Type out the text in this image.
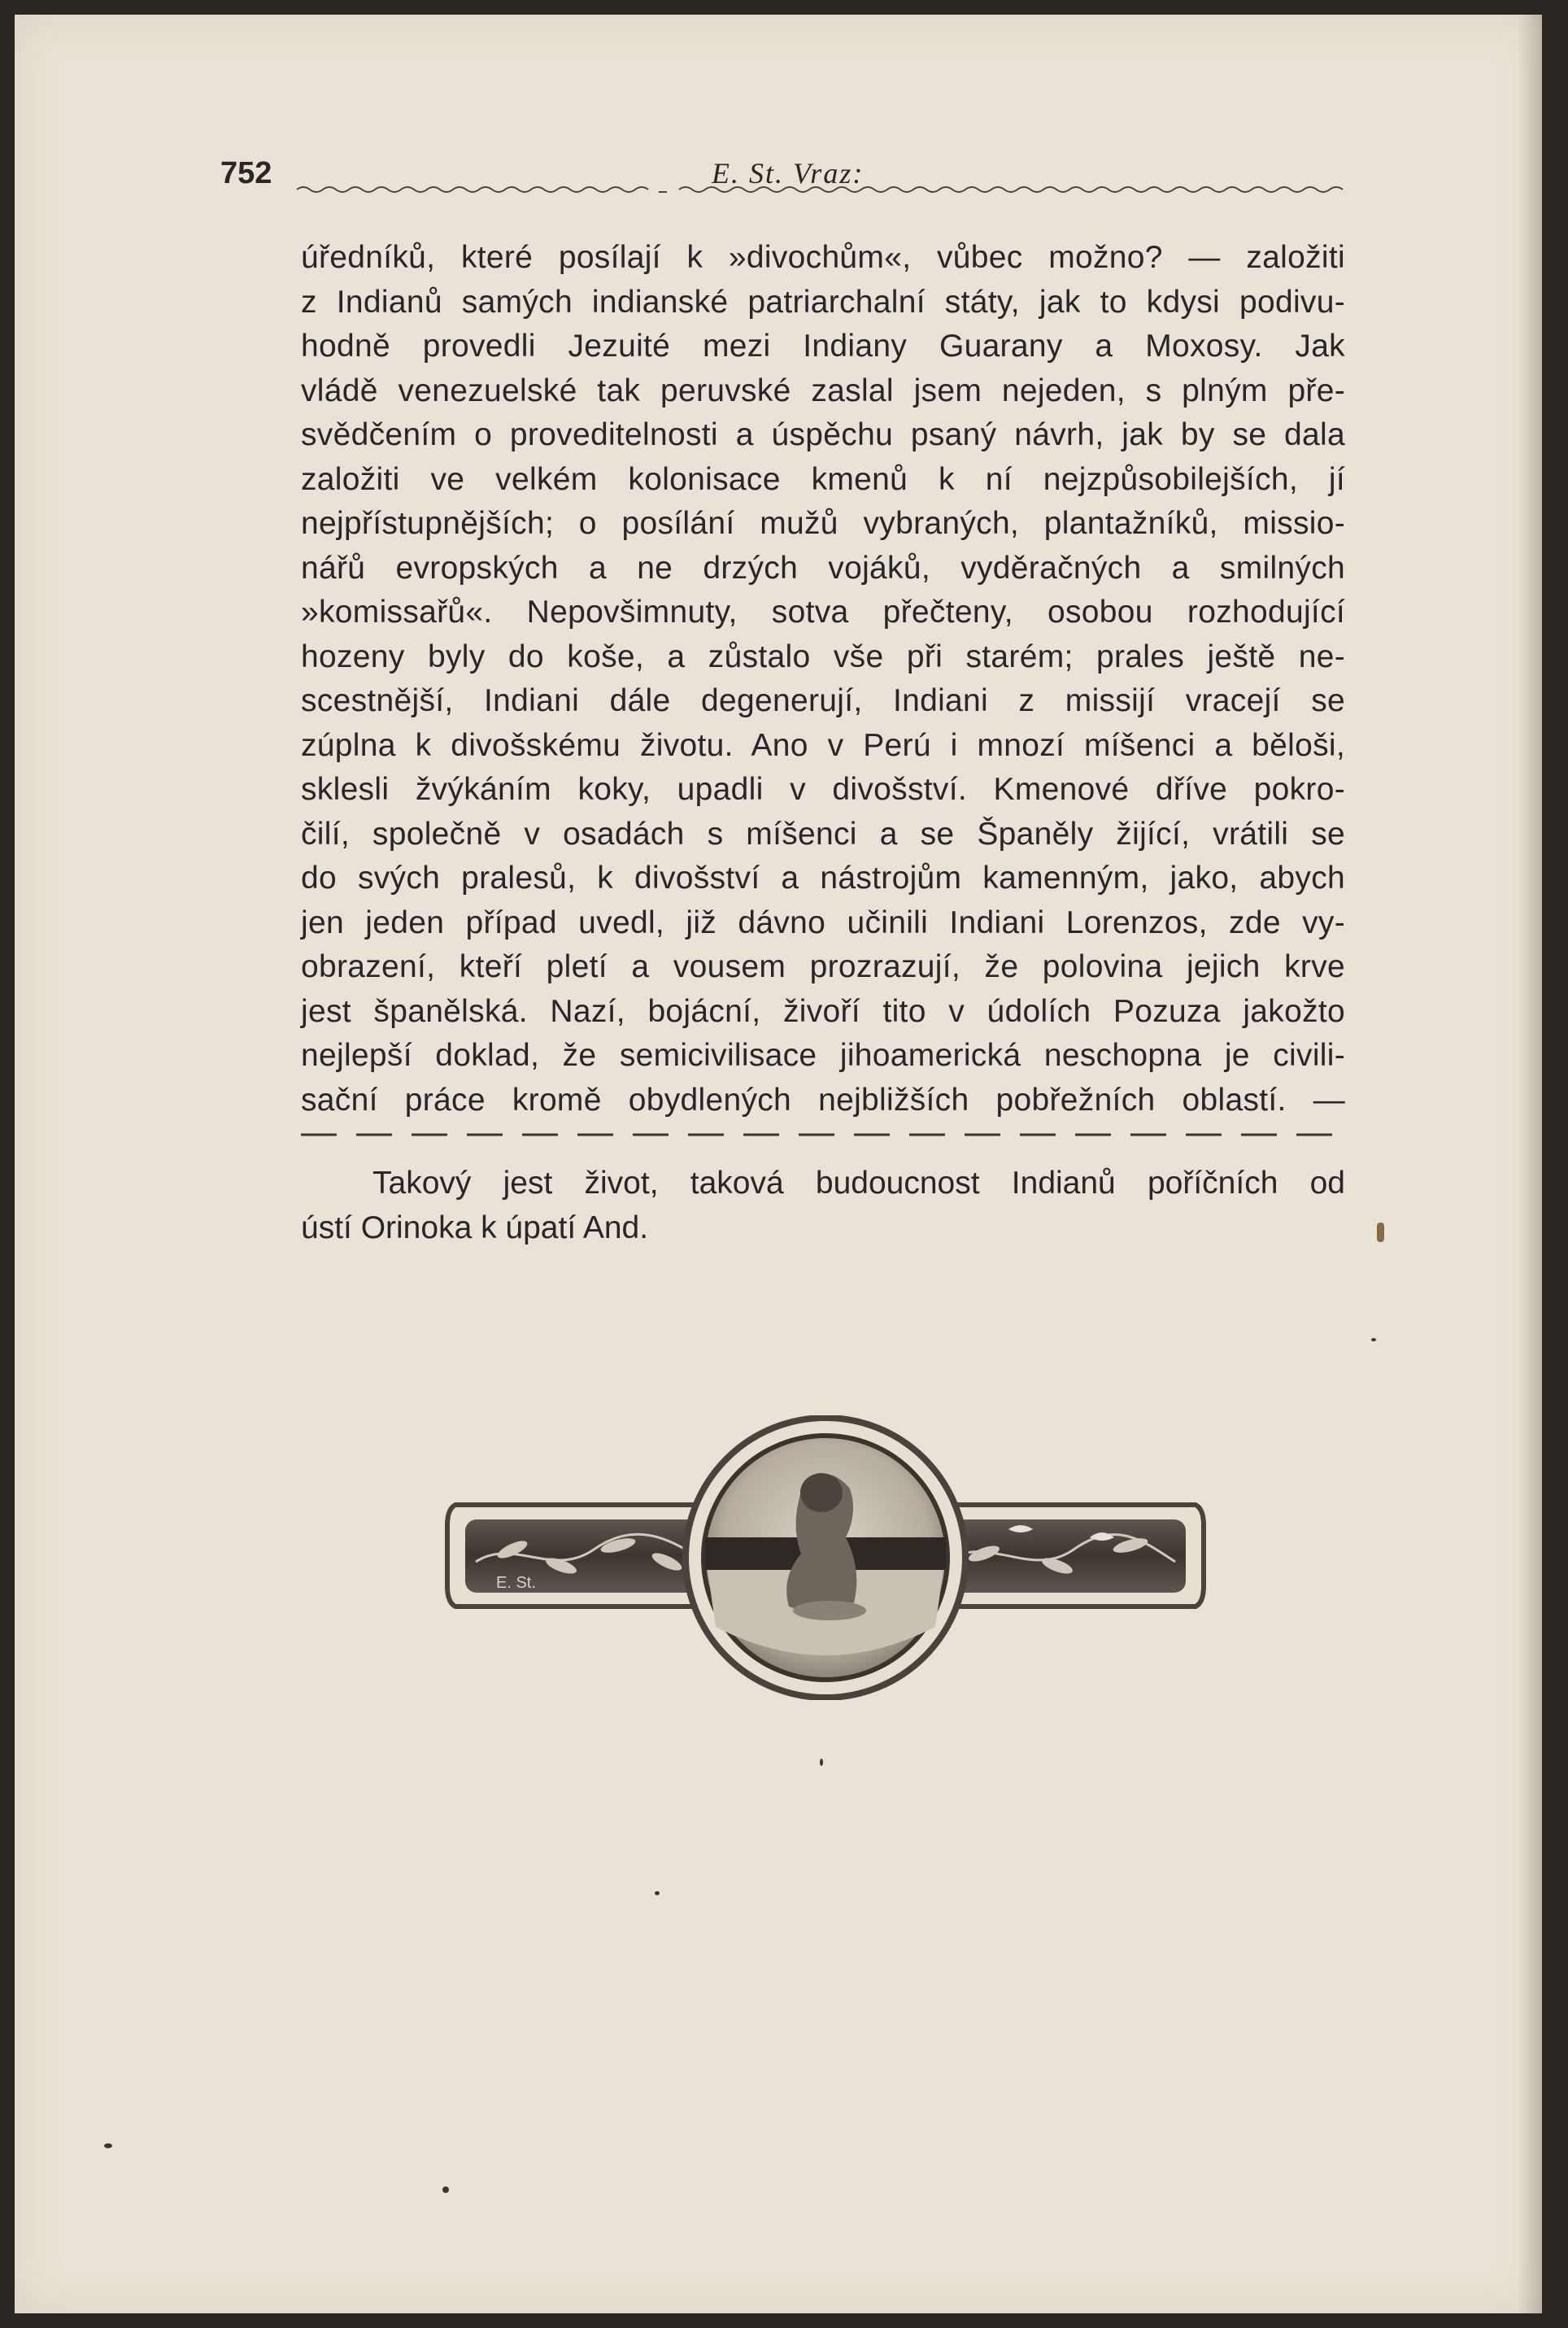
752	E. St. Vraz:
úředníků, které posílají k »divochům«, vůbec možno? — založiti
z Indianů samých indianské patriarchalní státy, jak to kdysi podivu-
hodně provedli Jezuité mezi Indiany Guarany a Moxosy. Jak
vládě venezuelské tak peruvské zaslal jsem nejeden, s plným pře-
svědčením o proveditelnosti a úspěchu psaný návrh, jak by se dala
založiti ve velkém kolonisace kmenů k ní nejzpůsobilejších, jí
nejpřístupnějších; o posílání mužů vybraných, plantažníků, missio-
nářů evropských a ne drzých vojáků, vyděračných a smilných
»komissařů«. Nepovšimnuty, sotva přečteny, osobou rozhodující
hozeny byly do koše, a zůstalo vše při starém; prales ještě ne-
scestnější, Indiani dále degenerují, Indiani z missijí vracejí se
zúplna k divošskému životu. Ano v Perú i mnozí míšenci a běloši,
sklesli žvýkáním koky, upadli v divošství. Kmenové dříve pokro-
čilí, společně v osadách s míšenci a se Španěly žijící, vrátili se
do svých pralesů, k divošství a nástrojům kamenným, jako, abych
jen jeden případ uvedl, již dávno učinili Indiani Lorenzos, zde vy-
obrazení, kteří pletí a vousem prozrazují, že polovina jejich krve
jest španělská. Nazí, bojácní, živoří tito v údolích Pozuza jakožto
nejlepší doklad, že semicivilisace jihoamerická neschopna je civili-
sační práce kromě obydlených nejbližších pobřežních oblastí. —
Takový jest život, taková budoucnost Indianů poříčních od
ústí Orinoka k úpatí And.
E. St.
